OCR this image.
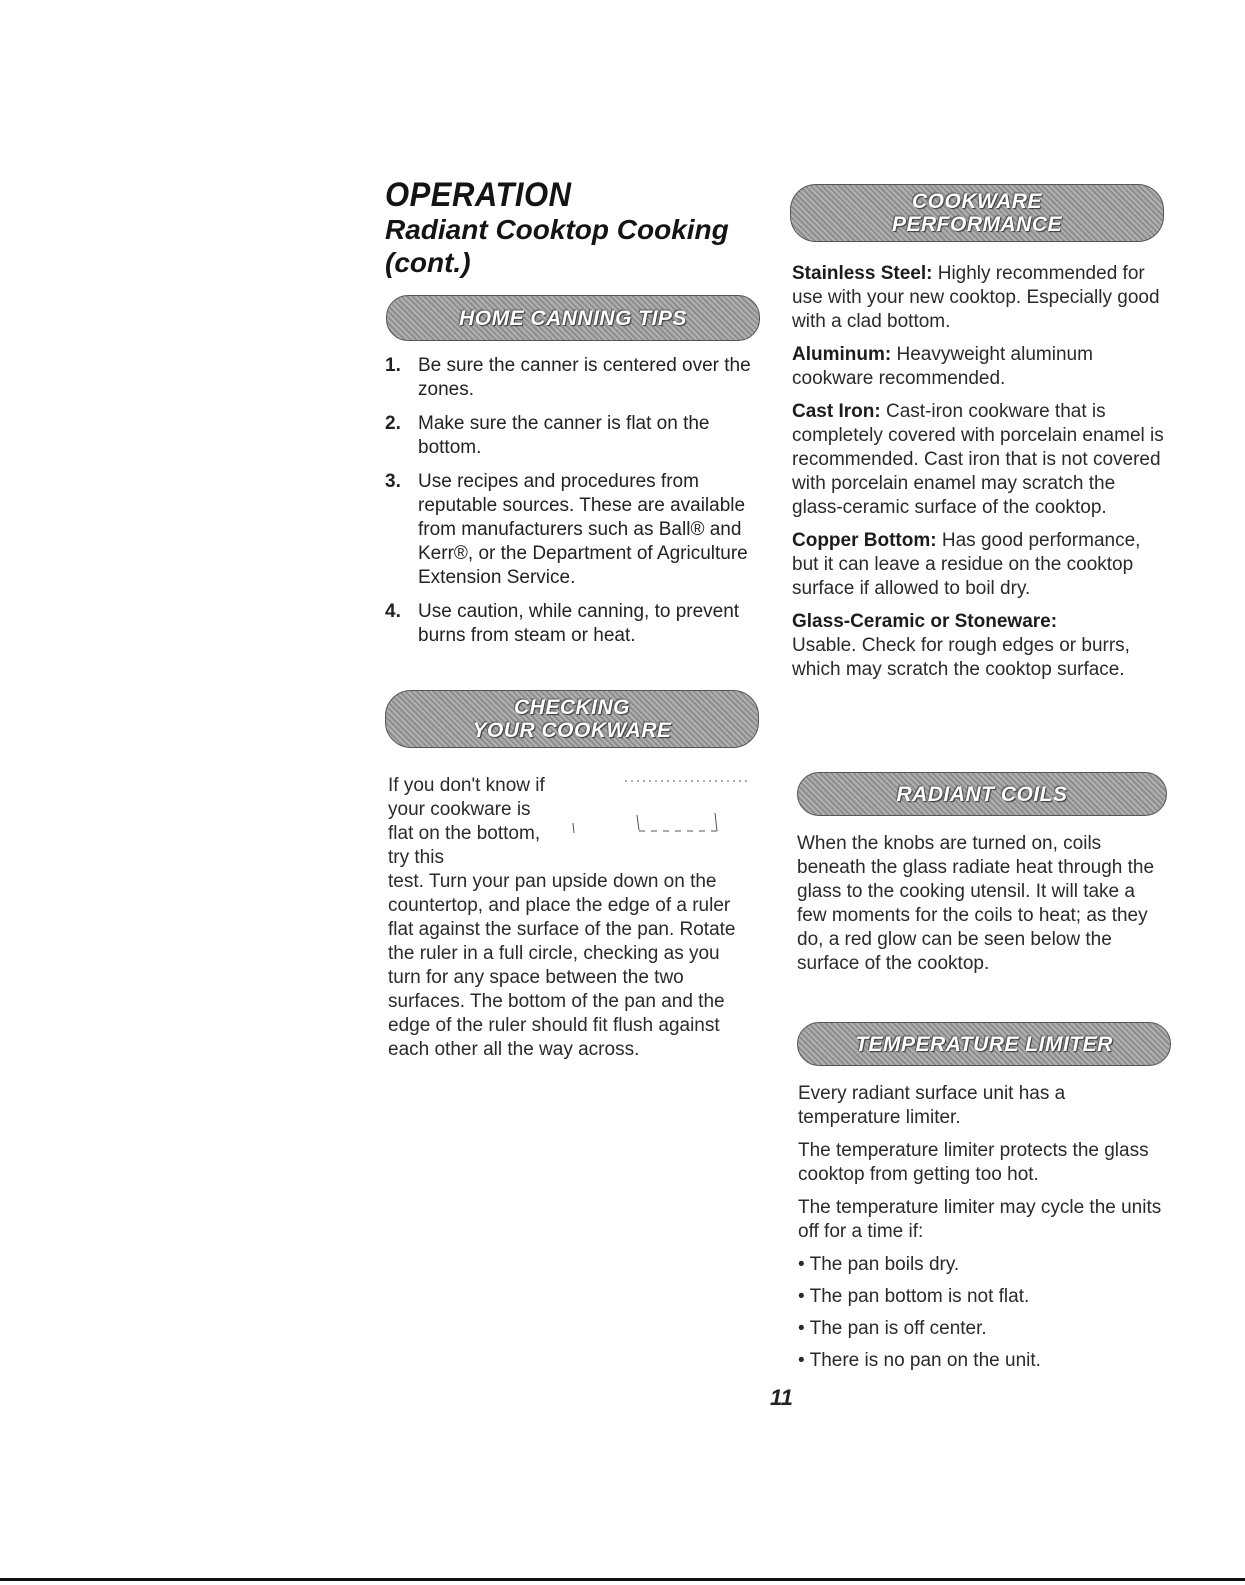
OPERATION
Radiant Cooktop Cooking
(cont.)
HOME CANNING TIPS
1. Be sure the canner is centered over the zones.
2. Make sure the canner is flat on the bottom.
3. Use recipes and procedures from reputable sources. These are available from manufacturers such as Ball® and Kerr®, or the Department of Agriculture Extension Service.
4. Use caution, while canning, to prevent burns from steam or heat.
CHECKING
YOUR COOKWARE
If you don't know if your cookware is flat on the bottom, try this
test. Turn your pan upside down on the countertop, and place the edge of a ruler flat against the surface of the pan. Rotate the ruler in a full circle, checking as you turn for any space between the two surfaces. The bottom of the pan and the edge of the ruler should fit flush against each other all the way across.
COOKWARE
PERFORMANCE

Stainless Steel: Highly recommended for use with your new cooktop. Especially good with a clad bottom.

Aluminum: Heavyweight aluminum cookware recommended.

Cast Iron: Cast-iron cookware that is completely covered with porcelain enamel is recommended. Cast iron that is not covered with porcelain enamel may scratch the glass-ceramic surface of the cooktop.

Copper Bottom: Has good performance, but it can leave a residue on the cooktop surface if allowed to boil dry.

Glass-Ceramic or Stoneware:
Usable. Check for rough edges or burrs, which may scratch the cooktop surface.

RADIANT COILS
When the knobs are turned on, coils beneath the glass radiate heat through the glass to the cooking utensil. It will take a few moments for the coils to heat; as they do, a red glow can be seen below the surface of the cooktop.
TEMPERATURE LIMITER

Every radiant surface unit has a temperature limiter.

The temperature limiter protects the glass cooktop from getting too hot.

The temperature limiter may cycle the units off for a time if:

• The pan boils dry.
• The pan bottom is not flat.
• The pan is off center.
• There is no pan on the unit.
11
